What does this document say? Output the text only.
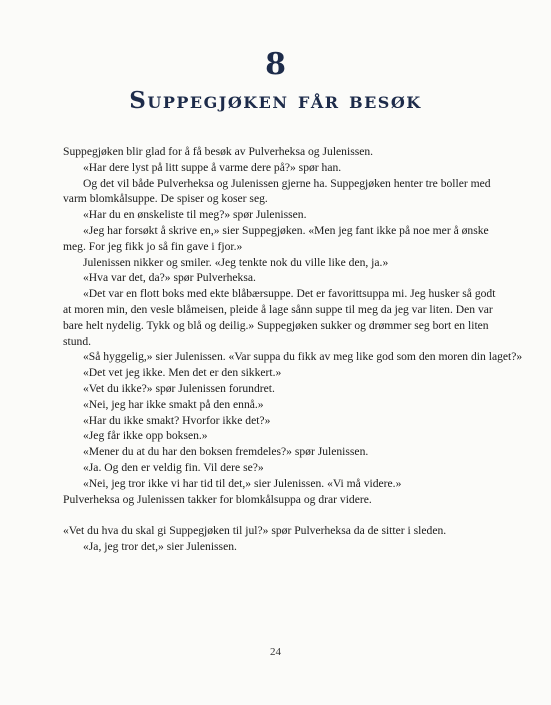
8
Suppegjøken får besøk
Suppegjøken blir glad for å få besøk av Pulverheksa og Julenissen.
«Har dere lyst på litt suppe å varme dere på?» spør han.
Og det vil både Pulverheksa og Julenissen gjerne ha. Suppegjøken henter tre boller med
varm blomkålsuppe. De spiser og koser seg.
«Har du en ønskeliste til meg?» spør Julenissen.
«Jeg har forsøkt å skrive en,» sier Suppegjøken. «Men jeg fant ikke på noe mer å ønske
meg. For jeg fikk jo så fin gave i fjor.»
Julenissen nikker og smiler. «Jeg tenkte nok du ville like den, ja.»
«Hva var det, da?» spør Pulverheksa.
«Det var en flott boks med ekte blåbærsuppe. Det er favorittsuppa mi. Jeg husker så godt
at moren min, den vesle blåmeisen, pleide å lage sånn suppe til meg da jeg var liten. Den var
bare helt nydelig. Tykk og blå og deilig.» Suppegjøken sukker og drømmer seg bort en liten
stund.
«Så hyggelig,» sier Julenissen. «Var suppa du fikk av meg like god som den moren din laget?»
«Det vet jeg ikke. Men det er den sikkert.»
«Vet du ikke?» spør Julenissen forundret.
«Nei, jeg har ikke smakt på den ennå.»
«Har du ikke smakt? Hvorfor ikke det?»
«Jeg får ikke opp boksen.»
«Mener du at du har den boksen fremdeles?» spør Julenissen.
«Ja. Og den er veldig fin. Vil dere se?»
«Nei, jeg tror ikke vi har tid til det,» sier Julenissen. «Vi må videre.»
Pulverheksa og Julenissen takker for blomkålsuppa og drar videre.
«Vet du hva du skal gi Suppegjøken til jul?» spør Pulverheksa da de sitter i sleden.
«Ja, jeg tror det,» sier Julenissen.
24
